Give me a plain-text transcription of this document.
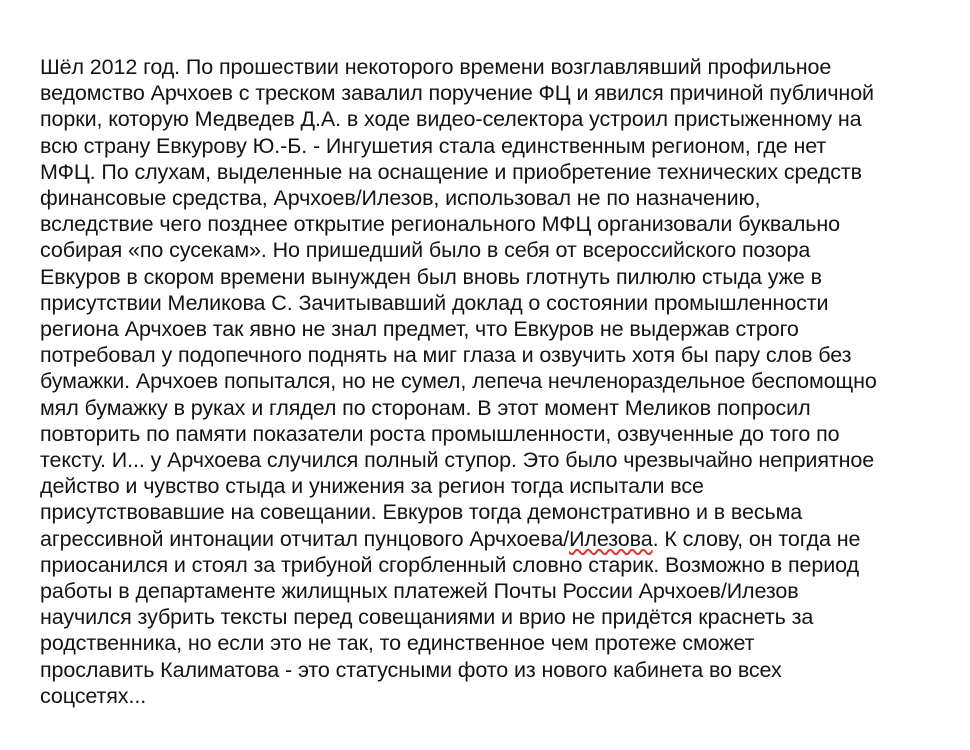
Шёл 2012 год. По прошествии некоторого времени возглавлявший профильное
ведомство Арчхоев с треском завалил поручение ФЦ и явился причиной публичной
порки, которую Медведев Д.А. в ходе видео-селектора устроил пристыженному на
всю страну Евкурову Ю.-Б. - Ингушетия стала единственным регионом, где нет
МФЦ. По слухам, выделенные на оснащение и приобретение технических средств
финансовые средства, Арчхоев/Илезов, использовал не по назначению,
вследствие чего позднее открытие регионального МФЦ организовали буквально
собирая «по сусекам». Но пришедший было в себя от всероссийского позора
Евкуров в скором времени вынужден был вновь глотнуть пилюлю стыда уже в
присутствии Меликова С. Зачитывавший доклад о состоянии промышленности
региона Арчхоев так явно не знал предмет, что Евкуров не выдержав строго
потребовал у подопечного поднять на миг глаза и озвучить хотя бы пару слов без
бумажки. Арчхоев попытался, но не сумел, лепеча нечленораздельное беспомощно
мял бумажку в руках и глядел по сторонам. В этот момент Меликов попросил
повторить по памяти показатели роста промышленности, озвученные до того по
тексту. И... у Арчхоева случился полный ступор. Это было чрезвычайно неприятное
действо и чувство стыда и унижения за регион тогда испытали все
присутствовавшие на совещании. Евкуров тогда демонстративно и в весьма
агрессивной интонации отчитал пунцового Арчхоева/Илезова. К слову, он тогда не
приосанился и стоял за трибуной сгорбленный словно старик. Возможно в период
работы в департаменте жилищных платежей Почты России Арчхоев/Илезов
научился зубрить тексты перед совещаниями и врио не придётся краснеть за
родственника, но если это не так, то единственное чем протеже сможет
прославить Калиматова - это статусными фото из нового кабинета во всех
соцсетях...
